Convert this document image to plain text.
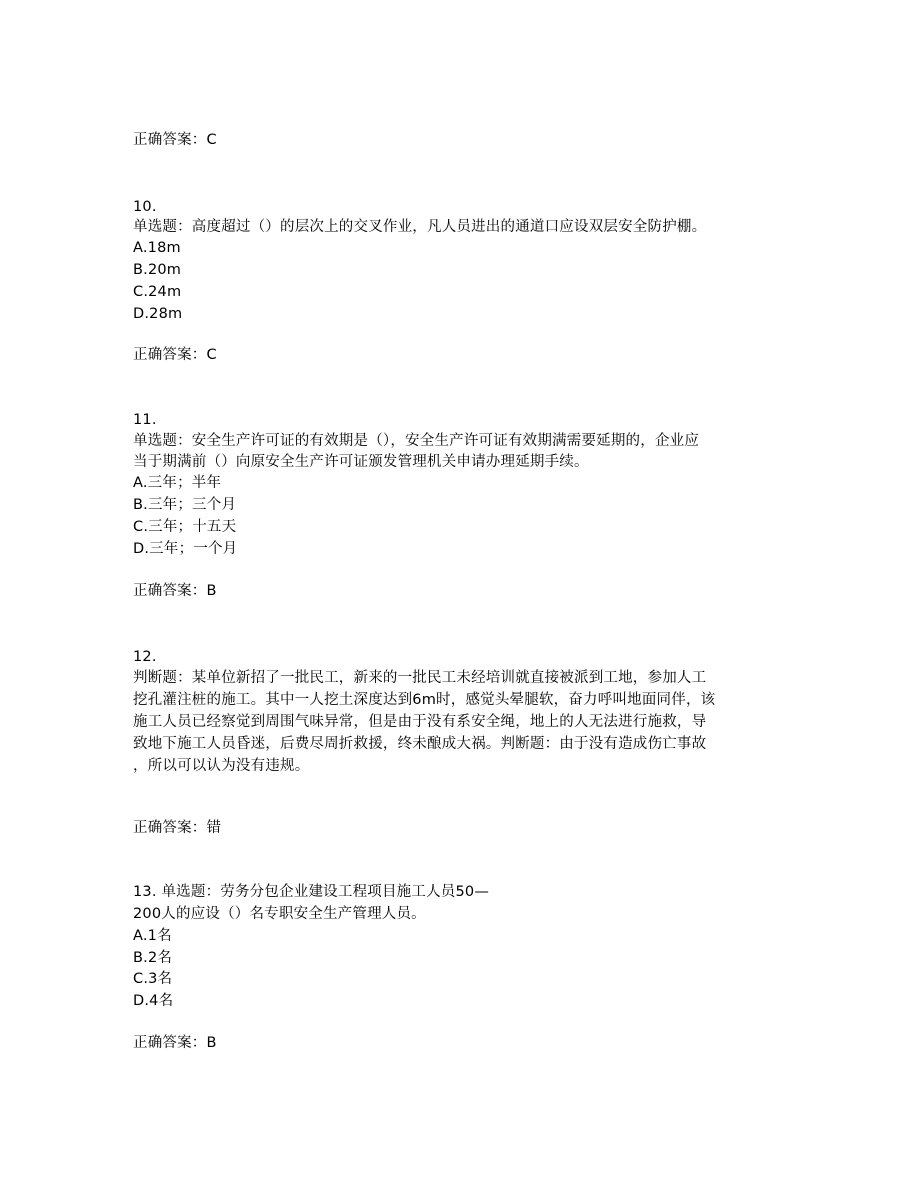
正确答案：C
10.
单选题：高度超过（）的层次上的交叉作业，凡人员进出的通道口应设双层安全防护棚。
A.18m
B.20m
C.24m
D.28m
正确答案：C
11.
单选题：安全生产许可证的有效期是（），安全生产许可证有效期满需要延期的，企业应
当于期满前（）向原安全生产许可证颁发管理机关申请办理延期手续。
A.三年；半年
B.三年；三个月
C.三年；十五天
D.三年；一个月
正确答案：B
12.
判断题：某单位新招了一批民工，新来的一批民工未经培训就直接被派到工地，参加人工
挖孔灌注桩的施工。其中一人挖土深度达到6m时，感觉头晕腿软，奋力呼叫地面同伴，该
施工人员已经察觉到周围气味异常，但是由于没有系安全绳，地上的人无法进行施救，导
致地下施工人员昏迷，后费尽周折救援，终未酿成大祸。判断题：由于没有造成伤亡事故
，所以可以认为没有违规。
正确答案：错
13. 单选题：劳务分包企业建设工程项目施工人员50—
200人的应设（）名专职安全生产管理人员。
A.1名
B.2名
C.3名
D.4名
正确答案：B
